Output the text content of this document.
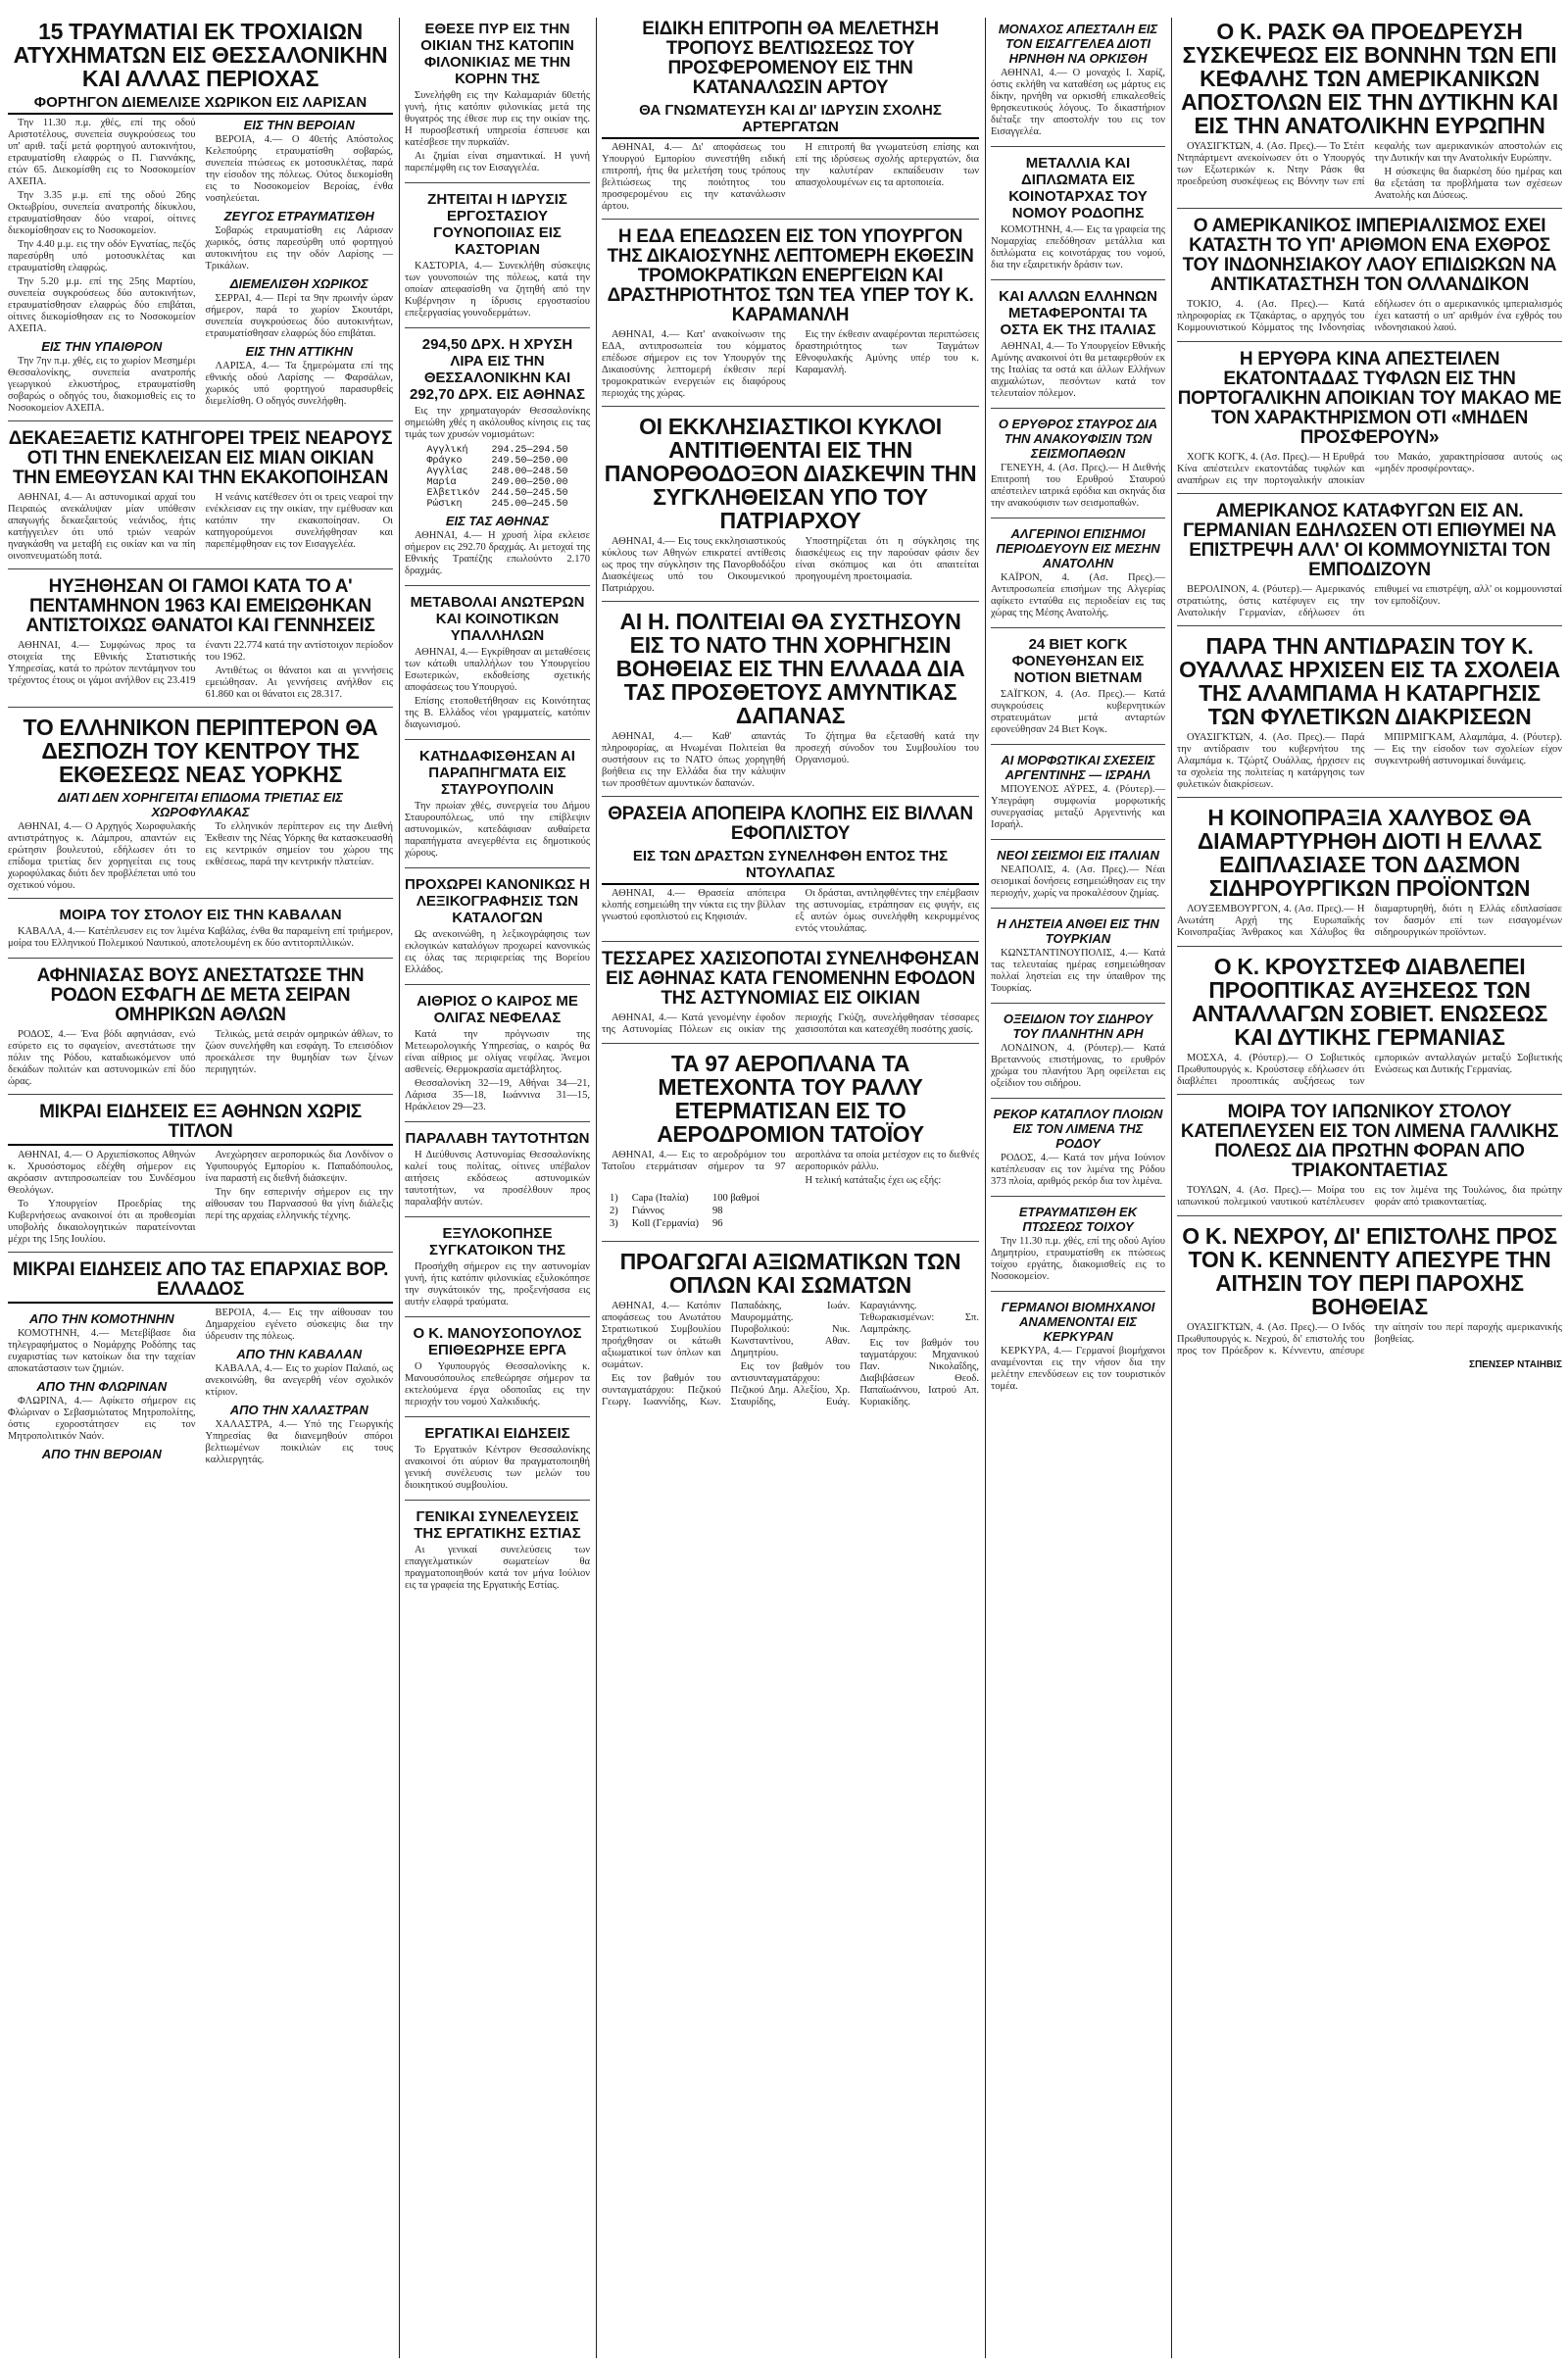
15 ΤΡΑΥΜΑΤΙΑΙ ΕΚ ΤΡΟΧΙΑΙΩΝ ΑΤΥΧΗΜΑΤΩΝ ΕΙΣ ΘΕΣΣΑΛΟΝΙΚΗΝ ΚΑΙ ΑΛΛΑΣ ΠΕΡΙΟΧΑΣ
ΦΟΡΤΗΓΟΝ ΔΙΕΜΕΛΙΣΕ ΧΩΡΙΚΟΝ ΕΙΣ ΛΑΡΙΣΑΝ

Την 11.30 π.μ. χθές, επί της οδού Αριστοτέλους, συνεπεία συγκρούσεως του υπ' αριθ. ταξί μετά φορτηγού αυτοκινήτου, ετραυματίσθη ελαφρώς ο Π. Γιαννάκης, ετών 65. Διεκομίσθη εις το Νοσοκομείον ΑΧΕΠΑ.

Την 3.35 μ.μ. επί της οδού 26ης Οκτωβρίου, συνεπεία ανατροπής δίκυκλου, ετραυματίσθησαν δύο νεαροί, οίτινες διεκομίσθησαν εις το Νοσοκομείον.

Την 4.40 μ.μ. εις την οδόν Εγνατίας, πεζός παρεσύρθη υπό μοτοσυκλέτας και ετραυματίσθη ελαφρώς.

Την 5.20 μ.μ. επί της 25ης Μαρτίου, συνεπεία συγκρούσεως δύο αυτοκινήτων, ετραυματίσθησαν ελαφρώς δύο επιβάται, οίτινες διεκομίσθησαν εις το Νοσοκομείον ΑΧΕΠΑ.

ΕΙΣ ΤΗΝ ΥΠΑΙΘΡΟΝ

Την 7ην π.μ. χθές, εις το χωρίον Μεσημέρι Θεσσαλονίκης, συνεπεία ανατροπής γεωργικού ελκυστήρος, ετραυματίσθη σοβαρώς ο οδηγός του, διακομισθείς εις το Νοσοκομείον ΑΧΕΠΑ.

ΕΙΣ ΤΗΝ ΒΕΡΟΙΑΝ

ΒΕΡΟΙΑ, 4.— Ο 40ετής Απόστολος Κελεπούρης ετραυματίσθη σοβαρώς, συνεπεία πτώσεως εκ μοτοσυκλέτας, παρά την είσοδον της πόλεως. Ούτος διεκομίσθη εις το Νοσοκομείον Βεροίας, ένθα νοσηλεύεται.

ΖΕΥΓΟΣ ΕΤΡΑΥΜΑΤΙΣΘΗ

Σοβαρώς ετραυματίσθη εις Λάρισαν χωρικός, όστις παρεσύρθη υπό φορτηγού αυτοκινήτου εις την οδόν Λαρίσης — Τρικάλων.

ΔΙΕΜΕΛΙΣΘΗ ΧΩΡΙΚΟΣ

ΣΕΡΡΑΙ, 4.— Περί τα 9ην πρωινήν ώραν σήμερον, παρά το χωρίον Σκουτάρι, συνεπεία συγκρούσεως δύο αυτοκινήτων, ετραυματίσθησαν ελαφρώς δύο επιβάται.

ΕΙΣ ΤΗΝ ΑΤΤΙΚΗΝ

ΛΑΡΙΣΑ, 4.— Τα ξημερώματα επί της εθνικής οδού Λαρίσης — Φαρσάλων, χωρικός υπό φορτηγού παρασυρθείς διεμελίσθη. Ο οδηγός συνελήφθη.

ΔΕΚΑΕΞΑΕΤΙΣ ΚΑΤΗΓΟΡΕΙ ΤΡΕΙΣ ΝΕΑΡΟΥΣ ΟΤΙ ΤΗΝ ΕΝΕΚΛΕΙΣΑΝ ΕΙΣ ΜΙΑΝ ΟΙΚΙΑΝ ΤΗΝ ΕΜΕΘΥΣΑΝ ΚΑΙ ΤΗΝ ΕΚΑΚΟΠΟΙΗΣΑΝ

ΑΘΗΝΑΙ, 4.— Αι αστυνομικαί αρχαί του Πειραιώς ανεκάλυψαν μίαν υπόθεσιν απαγωγής δεκαεξαετούς νεάνιδος, ήτις κατήγγειλεν ότι υπό τριών νεαρών ηναγκάσθη να μεταβή εις οικίαν και να πίη οινοπνευματώδη ποτά.

Η νεάνις κατέθεσεν ότι οι τρεις νεαροί την ενέκλεισαν εις την οικίαν, την εμέθυσαν και κατόπιν την εκακοποίησαν. Οι κατηγορούμενοι συνελήφθησαν και παρεπέμφθησαν εις τον Εισαγγελέα.

ΗΥΞΗΘΗΣΑΝ ΟΙ ΓΑΜΟΙ ΚΑΤΑ ΤΟ Α' ΠΕΝΤΑΜΗΝΟΝ 1963 ΚΑΙ ΕΜΕΙΩΘΗΚΑΝ ΑΝΤΙΣΤΟΙΧΩΣ ΘΑΝΑΤΟΙ ΚΑΙ ΓΕΝΝΗΣΕΙΣ

ΑΘΗΝΑΙ, 4.— Συμφώνως προς τα στοιχεία της Εθνικής Στατιστικής Υπηρεσίας, κατά το πρώτον πεντάμηνον του τρέχοντος έτους οι γάμοι ανήλθον εις 23.419 έναντι 22.774 κατά την αντίστοιχον περίοδον του 1962.

Αντιθέτως οι θάνατοι και αι γεννήσεις εμειώθησαν. Αι γεννήσεις ανήλθον εις 61.860 και οι θάνατοι εις 28.317.

ΤΟ ΕΛΛΗΝΙΚΟΝ ΠΕΡΙΠΤΕΡΟΝ ΘΑ ΔΕΣΠΟΖΗ ΤΟΥ ΚΕΝΤΡΟΥ ΤΗΣ ΕΚΘΕΣΕΩΣ ΝΕΑΣ ΥΟΡΚΗΣ
ΔΙΑΤΙ ΔΕΝ ΧΟΡΗΓΕΙΤΑΙ ΕΠΙΔΟΜΑ ΤΡΙΕΤΙΑΣ ΕΙΣ ΧΩΡΟΦΥΛΑΚΑΣ

ΑΘΗΝΑΙ, 4.— Ο Αρχηγός Χωροφυλακής αντιστράτηγος κ. Λάμπρου, απαντών εις ερώτησιν βουλευτού, εδήλωσεν ότι το επίδομα τριετίας δεν χορηγείται εις τους χωροφύλακας διότι δεν προβλέπεται υπό του σχετικού νόμου.

Το ελληνικόν περίπτερον εις την Διεθνή Έκθεσιν της Νέας Υόρκης θα κατασκευασθή εις κεντρικόν σημείον του χώρου της εκθέσεως, παρά την κεντρικήν πλατείαν.

ΜΟΙΡΑ ΤΟΥ ΣΤΟΛΟΥ ΕΙΣ ΤΗΝ ΚΑΒΑΛΑΝ

ΚΑΒΑΛΑ, 4.— Κατέπλευσεν εις τον λιμένα Καβάλας, ένθα θα παραμείνη επί τριήμερον, μοίρα του Ελληνικού Πολεμικού Ναυτικού, αποτελουμένη εκ δύο αντιτορπιλλικών.

ΑΦΗΝΙΑΣΑΣ ΒΟΥΣ ΑΝΕΣΤΑΤΩΣΕ ΤΗΝ ΡΟΔΟΝ ΕΣΦΑΓΗ ΔΕ ΜΕΤΑ ΣΕΙΡΑΝ ΟΜΗΡΙΚΩΝ ΑΘΛΩΝ

ΡΟΔΟΣ, 4.— Ένα βόδι αφηνιάσαν, ενώ εσύρετο εις το σφαγείον, ανεστάτωσε την πόλιν της Ρόδου, καταδιωκόμενον υπό δεκάδων πολιτών και αστυνομικών επί δύο ώρας.

Τελικώς, μετά σειράν ομηρικών άθλων, το ζώον συνελήφθη και εσφάγη. Το επεισόδιον προεκάλεσε την θυμηδίαν των ξένων περιηγητών.

ΜΙΚΡΑΙ ΕΙΔΗΣΕΙΣ ΕΞ ΑΘΗΝΩΝ ΧΩΡΙΣ ΤΙΤΛΟΝ

ΑΘΗΝΑΙ, 4.— Ο Αρχιεπίσκοπος Αθηνών κ. Χρυσόστομος εδέχθη σήμερον εις ακρόασιν αντιπροσωπείαν του Συνδέσμου Θεολόγων.

Το Υπουργείον Προεδρίας της Κυβερνήσεως ανακοινοί ότι αι προθεσμίαι υποβολής δικαιολογητικών παρατείνονται μέχρι της 15ης Ιουλίου.

Ανεχώρησεν αεροπορικώς δια Λονδίνον ο Υφυπουργός Εμπορίου κ. Παπαδόπουλος, ίνα παραστή εις διεθνή διάσκεψιν.

Την 6ην εσπερινήν σήμερον εις την αίθουσαν του Παρνασσού θα γίνη διάλεξις περί της αρχαίας ελληνικής τέχνης.

ΜΙΚΡΑΙ ΕΙΔΗΣΕΙΣ ΑΠΟ ΤΑΣ ΕΠΑΡΧΙΑΣ ΒΟΡ. ΕΛΛΑΔΟΣ
ΑΠΟ ΤΗΝ ΚΟΜΟΤΗΝΗΝ

ΚΟΜΟΤΗΝΗ, 4.— Μετεβίβασε δια τηλεγραφήματος ο Νομάρχης Ροδόπης τας ευχαριστίας των κατοίκων δια την ταχείαν αποκατάστασιν των ζημιών.

ΑΠΟ ΤΗΝ ΦΛΩΡΙΝΑΝ

ΦΛΩΡΙΝΑ, 4.— Αφίκετο σήμερον εις Φλώριναν ο Σεβασμιώτατος Μητροπολίτης, όστις εχοροστάτησεν εις τον Μητροπολιτικόν Ναόν.

ΑΠΟ ΤΗΝ ΒΕΡΟΙΑΝ

ΒΕΡΟΙΑ, 4.— Εις την αίθουσαν του Δημαρχείου εγένετο σύσκεψις δια την ύδρευσιν της πόλεως.

ΑΠΟ ΤΗΝ ΚΑΒΑΛΑΝ

ΚΑΒΑΛΑ, 4.— Εις το χωρίον Παλαιό, ως ανεκοινώθη, θα ανεγερθή νέον σχολικόν κτίριον.

ΑΠΟ ΤΗΝ ΧΑΛΑΣΤΡΑΝ

ΧΑΛΑΣΤΡΑ, 4.— Υπό της Γεωργικής Υπηρεσίας θα διανεμηθούν σπόροι βελτιωμένων ποικιλιών εις τους καλλιεργητάς.

ΕΘΕΣΕ ΠΥΡ ΕΙΣ ΤΗΝ ΟΙΚΙΑΝ ΤΗΣ ΚΑΤΟΠΙΝ ΦΙΛΟΝΙΚΙΑΣ ΜΕ ΤΗΝ ΚΟΡΗΝ ΤΗΣ

Συνελήφθη εις την Καλαμαριάν 60ετής γυνή, ήτις κατόπιν φιλονικίας μετά της θυγατρός της έθεσε πυρ εις την οικίαν της. Η πυροσβεστική υπηρεσία έσπευσε και κατέσβεσε την πυρκαϊάν.

Αι ζημίαι είναι σημαντικαί. Η γυνή παρεπέμφθη εις τον Εισαγγελέα.

ΖΗΤΕΙΤΑΙ Η ΙΔΡΥΣΙΣ ΕΡΓΟΣΤΑΣΙΟΥ ΓΟΥΝΟΠΟΙΙΑΣ ΕΙΣ ΚΑΣΤΟΡΙΑΝ

ΚΑΣΤΟΡΙΑ, 4.— Συνεκλήθη σύσκεψις των γουνοποιών της πόλεως, κατά την οποίαν απεφασίσθη να ζητηθή από την Κυβέρνησιν η ίδρυσις εργοστασίου επεξεργασίας γουνοδερμάτων.

294,50 ΔΡΧ. Η ΧΡΥΣΗ ΛΙΡΑ ΕΙΣ ΤΗΝ ΘΕΣΣΑΛΟΝΙΚΗΝ ΚΑΙ 292,70 ΔΡΧ. ΕΙΣ ΑΘΗΝΑΣ

Εις την χρηματαγοράν Θεσσαλονίκης σημειώθη χθές η ακόλουθος κίνησις εις τας τιμάς των χρυσών νομισμάτων:

Αγγλική	294.25—294.50
Φράγκο	249.50—250.00
Αγγλίας	248.00—248.50
Μαρία	249.00—250.00
Ελβετικόν	244.50—245.50
Ρώσικη	245.00—245.50
ΕΙΣ ΤΑΣ ΑΘΗΝΑΣ

ΑΘΗΝΑΙ, 4.— Η χρυσή λίρα εκλεισε σήμερον εις 292.70 δραχμάς. Αι μετοχαί της Εθνικής Τραπέζης επωλούντο 2.170 δραχμάς.

ΜΕΤΑΒΟΛΑΙ ΑΝΩΤΕΡΩΝ ΚΑΙ ΚΟΙΝΟΤΙΚΩΝ ΥΠΑΛΛΗΛΩΝ

ΑΘΗΝΑΙ, 4.— Εγκρίθησαν αι μεταθέσεις των κάτωθι υπαλλήλων του Υπουργείου Εσωτερικών, εκδοθείσης σχετικής αποφάσεως του Υπουργού.

Επίσης ετοποθετήθησαν εις Κοινότητας της Β. Ελλάδος νέοι γραμματείς, κατόπιν διαγωνισμού.

ΚΑΤΗΔΑΦΙΣΘΗΣΑΝ ΑΙ ΠΑΡΑΠΗΓΜΑΤΑ ΕΙΣ ΣΤΑΥΡΟΥΠΟΛΙΝ

Την πρωίαν χθές, συνεργεία του Δήμου Σταυρουπόλεως, υπό την επίβλεψιν αστυνομικών, κατεδάφισαν αυθαίρετα παραπήγματα ανεγερθέντα εις δημοτικούς χώρους.

ΠΡΟΧΩΡΕΙ ΚΑΝΟΝΙΚΩΣ Η ΛΕΞΙΚΟΓΡΑΦΗΣΙΣ ΤΩΝ ΚΑΤΑΛΟΓΩΝ

Ως ανεκοινώθη, η λεξικογράφησις των εκλογικών καταλόγων προχωρεί κανονικώς εις όλας τας περιφερείας της Βορείου Ελλάδος.

ΑΙΘΡΙΟΣ Ο ΚΑΙΡΟΣ ΜΕ ΟΛΙΓΑΣ ΝΕΦΕΛΑΣ

Κατά την πρόγνωσιν της Μετεωρολογικής Υπηρεσίας, ο καιρός θα είναι αίθριος με ολίγας νεφέλας. Άνεμοι ασθενείς. Θερμοκρασία αμετάβλητος.

Θεσσαλονίκη 32—19, Αθήναι 34—21, Λάρισα 35—18, Ιωάννινα 31—15, Ηράκλειον 29—23.

ΠΑΡΑΛΑΒΗ ΤΑΥΤΟΤΗΤΩΝ

Η Διεύθυνσις Αστυνομίας Θεσσαλονίκης καλεί τους πολίτας, οίτινες υπέβαλον αιτήσεις εκδόσεως αστυνομικών ταυτοτήτων, να προσέλθουν προς παραλαβήν αυτών.

ΕΞΥΛΟΚΟΠΗΣΕ ΣΥΓΚΑΤΟΙΚΟΝ ΤΗΣ

Προσήχθη σήμερον εις την αστυνομίαν γυνή, ήτις κατόπιν φιλονικίας εξυλοκόπησε την συγκάτοικόν της, προξενήσασα εις αυτήν ελαφρά τραύματα.

Ο Κ. ΜΑΝΟΥΣΟΠΟΥΛΟΣ ΕΠΙΘΕΩΡΗΣΕ ΕΡΓΑ

Ο Υφυπουργός Θεσσαλονίκης κ. Μανουσόπουλος επεθεώρησε σήμερον τα εκτελούμενα έργα οδοποιΐας εις την περιοχήν του νομού Χαλκιδικής.

ΕΡΓΑΤΙΚΑΙ ΕΙΔΗΣΕΙΣ

Το Εργατικόν Κέντρον Θεσσαλονίκης ανακοινοί ότι αύριον θα πραγματοποιηθή γενική συνέλευσις των μελών του διοικητικού συμβουλίου.

ΓΕΝΙΚΑΙ ΣΥΝΕΛΕΥΣΕΙΣ ΤΗΣ ΕΡΓΑΤΙΚΗΣ ΕΣΤΙΑΣ

Αι γενικαί συνελεύσεις των επαγγελματικών σωματείων θα πραγματοποιηθούν κατά τον μήνα Ιούλιον εις τα γραφεία της Εργατικής Εστίας.

ΕΙΔΙΚΗ ΕΠΙΤΡΟΠΗ ΘΑ ΜΕΛΕΤΗΣΗ ΤΡΟΠΟΥΣ ΒΕΛΤΙΩΣΕΩΣ ΤΟΥ ΠΡΟΣΦΕΡΟΜΕΝΟΥ ΕΙΣ ΤΗΝ ΚΑΤΑΝΑΛΩΣΙΝ ΑΡΤΟΥ
ΘΑ ΓΝΩΜΑΤΕΥΣΗ ΚΑΙ ΔΙ' ΙΔΡΥΣΙΝ ΣΧΟΛΗΣ ΑΡΤΕΡΓΑΤΩΝ

ΑΘΗΝΑΙ, 4.— Δι' αποφάσεως του Υπουργού Εμπορίου συνεστήθη ειδική επιτροπή, ήτις θα μελετήση τους τρόπους βελτιώσεως της ποιότητος του προσφερομένου εις την κατανάλωσιν άρτου.

Η επιτροπή θα γνωματεύση επίσης και επί της ιδρύσεως σχολής αρτεργατών, δια την καλυτέραν εκπαίδευσιν των απασχολουμένων εις τα αρτοποιεία.

Η ΕΔΑ ΕΠΕΔΩΣΕΝ ΕΙΣ ΤΟΝ ΥΠΟΥΡΓΟΝ ΤΗΣ ΔΙΚΑΙΟΣΥΝΗΣ ΛΕΠΤΟΜΕΡΗ ΕΚΘΕΣΙΝ ΤΡΟΜΟΚΡΑΤΙΚΩΝ ΕΝΕΡΓΕΙΩΝ ΚΑΙ ΔΡΑΣΤΗΡΙΟΤΗΤΟΣ ΤΩΝ ΤΕΑ ΥΠΕΡ ΤΟΥ Κ. ΚΑΡΑΜΑΝΛΗ

ΑΘΗΝΑΙ, 4.— Κατ' ανακοίνωσιν της ΕΔΑ, αντιπροσωπεία του κόμματος επέδωσε σήμερον εις τον Υπουργόν της Δικαιοσύνης λεπτομερή έκθεσιν περί τρομοκρατικών ενεργειών εις διαφόρους περιοχάς της χώρας.

Εις την έκθεσιν αναφέρονται περιπτώσεις δραστηριότητος των Ταγμάτων Εθνοφυλακής Αμύνης υπέρ του κ. Καραμανλή.

ΟΙ ΕΚΚΛΗΣΙΑΣΤΙΚΟΙ ΚΥΚΛΟΙ ΑΝΤΙΤΙΘΕΝΤΑΙ ΕΙΣ ΤΗΝ ΠΑΝΟΡΘΟΔΟΞΟΝ ΔΙΑΣΚΕΨΙΝ ΤΗΝ ΣΥΓΚΛΗΘΕΙΣΑΝ ΥΠΟ ΤΟΥ ΠΑΤΡΙΑΡΧΟΥ

ΑΘΗΝΑΙ, 4.— Εις τους εκκλησιαστικούς κύκλους των Αθηνών επικρατεί αντίθεσις ως προς την σύγκλησιν της Πανορθοδόξου Διασκέψεως υπό του Οικουμενικού Πατριάρχου.

Υποστηρίζεται ότι η σύγκλησις της διασκέψεως εις την παρούσαν φάσιν δεν είναι σκόπιμος και ότι απαιτείται προηγουμένη προετοιμασία.

ΑΙ Η. ΠΟΛΙΤΕΙΑΙ ΘΑ ΣΥΣΤΗΣΟΥΝ ΕΙΣ ΤΟ ΝΑΤΟ ΤΗΝ ΧΟΡΗΓΗΣΙΝ ΒΟΗΘΕΙΑΣ ΕΙΣ ΤΗΝ ΕΛΛΑΔΑ ΔΙΑ ΤΑΣ ΠΡΟΣΘΕΤΟΥΣ ΑΜΥΝΤΙΚΑΣ ΔΑΠΑΝΑΣ

ΑΘΗΝΑΙ, 4.— Καθ' απαντάς πληροφορίας, αι Ηνωμέναι Πολιτείαι θα συστήσουν εις το ΝΑΤΟ όπως χορηγηθή βοήθεια εις την Ελλάδα δια την κάλυψιν των προσθέτων αμυντικών δαπανών.

Το ζήτημα θα εξετασθή κατά την προσεχή σύνοδον του Συμβουλίου του Οργανισμού.

ΘΡΑΣΕΙΑ ΑΠΟΠΕΙΡΑ ΚΛΟΠΗΣ ΕΙΣ ΒΙΛΛΑΝ ΕΦΟΠΛΙΣΤΟΥ
ΕΙΣ ΤΩΝ ΔΡΑΣΤΩΝ ΣΥΝΕΛΗΦΘΗ ΕΝΤΟΣ ΤΗΣ ΝΤΟΥΛΑΠΑΣ

ΑΘΗΝΑΙ, 4.— Θρασεία απόπειρα κλοπής εσημειώθη την νύκτα εις την βίλλαν γνωστού εφοπλιστού εις Κηφισιάν.

Οι δράσται, αντιληφθέντες την επέμβασιν της αστυνομίας, ετράπησαν εις φυγήν, εις εξ αυτών όμως συνελήφθη κεκρυμμένος εντός ντουλάπας.

ΤΕΣΣΑΡΕΣ ΧΑΣΙΣΟΠΟΤΑΙ ΣΥΝΕΛΗΦΘΗΣΑΝ ΕΙΣ ΑΘΗΝΑΣ ΚΑΤΑ ΓΕΝΟΜΕΝΗΝ ΕΦΟΔΟΝ ΤΗΣ ΑΣΤΥΝΟΜΙΑΣ ΕΙΣ ΟΙΚΙΑΝ

ΑΘΗΝΑΙ, 4.— Κατά γενομένην έφοδον της Αστυνομίας Πόλεων εις οικίαν της περιοχής Γκύζη, συνελήφθησαν τέσσαρες χασισοπόται και κατεσχέθη ποσότης χασίς.

ΤΑ 97 ΑΕΡΟΠΛΑΝΑ ΤΑ ΜΕΤΕΧΟΝΤΑ ΤΟΥ ΡΑΛΛΥ ΕΤΕΡΜΑΤΙΣΑΝ ΕΙΣ ΤΟ ΑΕΡΟΔΡΟΜΙΟΝ ΤΑΤΟΪΟΥ

ΑΘΗΝΑΙ, 4.— Εις το αεροδρόμιον του Τατοΐου ετερμάτισαν σήμερον τα 97 αεροπλάνα τα οποία μετέσχον εις το διεθνές αεροπορικόν ράλλυ.

Η τελική κατάταξις έχει ως εξής:

1)	Capa (Ιταλία)	100 βαθμοί
2)	Γιάννος	98
3)	Koll (Γερμανία)	96
ΠΡΟΑΓΩΓΑΙ ΑΞΙΩΜΑΤΙΚΩΝ ΤΩΝ ΟΠΛΩΝ ΚΑΙ ΣΩΜΑΤΩΝ

ΑΘΗΝΑΙ, 4.— Κατόπιν αποφάσεως του Ανωτάτου Στρατιωτικού Συμβουλίου προήχθησαν οι κάτωθι αξιωματικοί των όπλων και σωμάτων.

Εις τον βαθμόν του συνταγματάρχου: Πεζικού Γεωργ. Ιωαννίδης, Κων. Παπαδάκης, Ιωάν. Μαυρομμάτης. Πυροβολικού: Νικ. Κωνσταντίνου, Αθαν. Δημητρίου.

Εις τον βαθμόν του αντισυνταγματάρχου: Πεζικού Δημ. Αλεξίου, Χρ. Σταυρίδης, Ευάγ. Καραγιάννης. Τεθωρακισμένων: Σπ. Λαμπράκης.

Εις τον βαθμόν του ταγματάρχου: Μηχανικού Παν. Νικολαΐδης, Διαβιβάσεων Θεοδ. Παπαϊωάννου, Ιατρού Απ. Κυριακίδης.

ΜΟΝΑΧΟΣ ΑΠΕΣΤΑΛΗ ΕΙΣ ΤΟΝ ΕΙΣΑΓΓΕΛΕΑ ΔΙΟΤΙ ΗΡΝΗΘΗ ΝΑ ΟΡΚΙΣΘΗ

ΑΘΗΝΑΙ, 4.— Ο μοναχός Ι. Χαρίζ, όστις εκλήθη να καταθέση ως μάρτυς εις δίκην, ηρνήθη να ορκισθή επικαλεσθείς θρησκευτικούς λόγους. Το δικαστήριον διέταξε την αποστολήν του εις τον Εισαγγελέα.

ΜΕΤΑΛΛΙΑ ΚΑΙ ΔΙΠΛΩΜΑΤΑ ΕΙΣ ΚΟΙΝΟΤΑΡΧΑΣ ΤΟΥ ΝΟΜΟΥ ΡΟΔΟΠΗΣ

ΚΟΜΟΤΗΝΗ, 4.— Εις τα γραφεία της Νομαρχίας επεδόθησαν μετάλλια και διπλώματα εις κοινοτάρχας του νομού, δια την εξαιρετικήν δράσιν των.

ΚΑΙ ΑΛΛΩΝ ΕΛΛΗΝΩΝ ΜΕΤΑΦΕΡΟΝΤΑΙ ΤΑ ΟΣΤΑ ΕΚ ΤΗΣ ΙΤΑΛΙΑΣ

ΑΘΗΝΑΙ, 4.— Το Υπουργείον Εθνικής Αμύνης ανακοινοί ότι θα μεταφερθούν εκ της Ιταλίας τα οστά και άλλων Ελλήνων αιχμαλώτων, πεσόντων κατά τον τελευταίον πόλεμον.

Ο ΕΡΥΘΡΟΣ ΣΤΑΥΡΟΣ ΔΙΑ ΤΗΝ ΑΝΑΚΟΥΦΙΣΙΝ ΤΩΝ ΣΕΙΣΜΟΠΑΘΩΝ

ΓΕΝΕΥΗ, 4. (Ασ. Πρες).— Η Διεθνής Επιτροπή του Ερυθρού Σταυρού απέστειλεν ιατρικά εφόδια και σκηνάς δια την ανακούφισιν των σεισμοπαθών.

ΑΛΓΕΡΙΝΟΙ ΕΠΙΣΗΜΟΙ ΠΕΡΙΟΔΕΥΟΥΝ ΕΙΣ ΜΕΣΗΝ ΑΝΑΤΟΛΗΝ

ΚΑΪΡΟΝ, 4. (Ασ. Πρες).— Αντιπροσωπεία επισήμων της Αλγερίας αφίκετο ενταύθα εις περιοδείαν εις τας χώρας της Μέσης Ανατολής.

24 ΒΙΕΤ ΚΟΓΚ ΦΟΝΕΥΘΗΣΑΝ ΕΙΣ ΝΟΤΙΟΝ ΒΙΕΤΝΑΜ

ΣΑΪΓΚΟΝ, 4. (Ασ. Πρες).— Κατά συγκρούσεις κυβερνητικών στρατευμάτων μετά ανταρτών εφονεύθησαν 24 Βιετ Κογκ.

ΑΙ ΜΟΡΦΩΤΙΚΑΙ ΣΧΕΣΕΙΣ ΑΡΓΕΝΤΙΝΗΣ — ΙΣΡΑΗΛ

ΜΠΟΥΕΝΟΣ ΑΫΡΕΣ, 4. (Ρόυτερ).— Υπεγράφη συμφωνία μορφωτικής συνεργασίας μεταξύ Αργεντινής και Ισραήλ.

ΝΕΟΙ ΣΕΙΣΜΟΙ ΕΙΣ ΙΤΑΛΙΑΝ

ΝΕΑΠΟΛΙΣ, 4. (Ασ. Πρες).— Νέαι σεισμικαί δονήσεις εσημειώθησαν εις την περιοχήν, χωρίς να προκαλέσουν ζημίας.

Η ΛΗΣΤΕΙΑ ΑΝΘΕΙ ΕΙΣ ΤΗΝ ΤΟΥΡΚΙΑΝ

ΚΩΝΣΤΑΝΤΙΝΟΥΠΟΛΙΣ, 4.— Κατά τας τελευταίας ημέρας εσημειώθησαν πολλαί ληστείαι εις την ύπαιθρον της Τουρκίας.

ΟΞΕΙΔΙΟΝ ΤΟΥ ΣΙΔΗΡΟΥ ΤΟΥ ΠΛΑΝΗΤΗΝ ΑΡΗ

ΛΟΝΔΙΝΟΝ, 4. (Ρόυτερ).— Κατά Βρεταννούς επιστήμονας, το ερυθρόν χρώμα του πλανήτου Άρη οφείλεται εις οξείδιον του σιδήρου.

ΡΕΚΟΡ ΚΑΤΑΠΛΟΥ ΠΛΟΙΩΝ ΕΙΣ ΤΟΝ ΛΙΜΕΝΑ ΤΗΣ ΡΟΔΟΥ

ΡΟΔΟΣ, 4.— Κατά τον μήνα Ιούνιον κατέπλευσαν εις τον λιμένα της Ρόδου 373 πλοία, αριθμός ρεκόρ δια τον λιμένα.

ΕΤΡΑΥΜΑΤΙΣΘΗ ΕΚ ΠΤΩΣΕΩΣ ΤΟΙΧΟΥ

Την 11.30 π.μ. χθές, επί της οδού Αγίου Δημητρίου, ετραυματίσθη εκ πτώσεως τοίχου εργάτης, διακομισθείς εις το Νοσοκομείον.

ΓΕΡΜΑΝΟΙ ΒΙΟΜΗΧΑΝΟΙ ΑΝΑΜΕΝΟΝΤΑΙ ΕΙΣ ΚΕΡΚΥΡΑΝ

ΚΕΡΚΥΡΑ, 4.— Γερμανοί βιομήχανοι αναμένονται εις την νήσον δια την μελέτην επενδύσεων εις τον τουριστικόν τομέα.

Ο Κ. ΡΑΣΚ ΘΑ ΠΡΟΕΔΡΕΥΣΗ ΣΥΣΚΕΨΕΩΣ ΕΙΣ ΒΟΝΝΗΝ ΤΩΝ ΕΠΙ ΚΕΦΑΛΗΣ ΤΩΝ ΑΜΕΡΙΚΑΝΙΚΩΝ ΑΠΟΣΤΟΛΩΝ ΕΙΣ ΤΗΝ ΔΥΤΙΚΗΝ ΚΑΙ ΕΙΣ ΤΗΝ ΑΝΑΤΟΛΙΚΗΝ ΕΥΡΩΠΗΝ

ΟΥΑΣΙΓΚΤΩΝ, 4. (Ασ. Πρες).— Το Στέιτ Ντηπάρτμεντ ανεκοίνωσεν ότι ο Υπουργός των Εξωτερικών κ. Ντην Ράσκ θα προεδρεύση συσκέψεως εις Βόννην των επί κεφαλής των αμερικανικών αποστολών εις την Δυτικήν και την Ανατολικήν Ευρώπην.

Η σύσκεψις θα διαρκέση δύο ημέρας και θα εξετάση τα προβλήματα των σχέσεων Ανατολής και Δύσεως.

Ο ΑΜΕΡΙΚΑΝΙΚΟΣ ΙΜΠΕΡΙΑΛΙΣΜΟΣ ΕΧΕΙ ΚΑΤΑΣΤΗ ΤΟ ΥΠ' ΑΡΙΘΜΟΝ ΕΝΑ ΕΧΘΡΟΣ ΤΟΥ ΙΝΔΟΝΗΣΙΑΚΟΥ ΛΑΟΥ ΕΠΙΔΙΩΚΩΝ ΝΑ ΑΝΤΙΚΑΤΑΣΤΗΣΗ ΤΟΝ ΟΛΛΑΝΔΙΚΟΝ

ΤΟΚΙΟ, 4. (Ασ. Πρες).— Κατά πληροφορίας εκ Τζακάρτας, ο αρχηγός του Κομμουνιστικού Κόμματος της Ινδονησίας εδήλωσεν ότι ο αμερικανικός ιμπεριαλισμός έχει καταστή ο υπ' αριθμόν ένα εχθρός του ινδονησιακού λαού.

Η ΕΡΥΘΡΑ ΚΙΝΑ ΑΠΕΣΤΕΙΛΕΝ ΕΚΑΤΟΝΤΑΔΑΣ ΤΥΦΛΩΝ ΕΙΣ ΤΗΝ ΠΟΡΤΟΓΑΛΙΚΗΝ ΑΠΟΙΚΙΑΝ ΤΟΥ ΜΑΚΑΟ ΜΕ ΤΟΝ ΧΑΡΑΚΤΗΡΙΣΜΟΝ ΟΤΙ «ΜΗΔΕΝ ΠΡΟΣΦΕΡΟΥΝ»

ΧΟΓΚ ΚΟΓΚ, 4. (Ασ. Πρες).— Η Ερυθρά Κίνα απέστειλεν εκατοντάδας τυφλών και αναπήρων εις την πορτογαλικήν αποικίαν του Μακάο, χαρακτηρίσασα αυτούς ως «μηδέν προσφέροντας».

ΑΜΕΡΙΚΑΝΟΣ ΚΑΤΑΦΥΓΩΝ ΕΙΣ ΑΝ. ΓΕΡΜΑΝΙΑΝ ΕΔΗΛΩΣΕΝ ΟΤΙ ΕΠΙΘΥΜΕΙ ΝΑ ΕΠΙΣΤΡΕΨΗ ΑΛΛ' ΟΙ ΚΟΜΜΟΥΝΙΣΤΑΙ ΤΟΝ ΕΜΠΟΔΙΖΟΥΝ

ΒΕΡΟΛΙΝΟΝ, 4. (Ρόυτερ).— Αμερικανός στρατιώτης, όστις κατέφυγεν εις την Ανατολικήν Γερμανίαν, εδήλωσεν ότι επιθυμεί να επιστρέψη, αλλ' οι κομμουνισταί τον εμποδίζουν.

ΠΑΡΑ ΤΗΝ ΑΝΤΙΔΡΑΣΙΝ ΤΟΥ Κ. ΟΥΑΛΛΑΣ ΗΡΧΙΣΕΝ ΕΙΣ ΤΑ ΣΧΟΛΕΙΑ ΤΗΣ ΑΛΑΜΠΑΜΑ Η ΚΑΤΑΡΓΗΣΙΣ ΤΩΝ ΦΥΛΕΤΙΚΩΝ ΔΙΑΚΡΙΣΕΩΝ

ΟΥΑΣΙΓΚΤΩΝ, 4. (Ασ. Πρες).— Παρά την αντίδρασιν του κυβερνήτου της Αλαμπάμα κ. Τζώρτζ Ουάλλας, ήρχισεν εις τα σχολεία της πολιτείας η κατάργησις των φυλετικών διακρίσεων.

ΜΠΙΡΜΙΓΚΑΜ, Αλαμπάμα, 4. (Ρόυτερ).— Εις την είσοδον των σχολείων είχον συγκεντρωθή αστυνομικαί δυνάμεις.

Η ΚΟΙΝΟΠΡΑΞΙΑ ΧΑΛΥΒΟΣ ΘΑ ΔΙΑΜΑΡΤΥΡΗΘΗ ΔΙΟΤΙ Η ΕΛΛΑΣ ΕΔΙΠΛΑΣΙΑΣΕ ΤΟΝ ΔΑΣΜΟΝ ΣΙΔΗΡΟΥΡΓΙΚΩΝ ΠΡΟΪΟΝΤΩΝ

ΛΟΥΞΕΜΒΟΥΡΓΟΝ, 4. (Ασ. Πρες).— Η Ανωτάτη Αρχή της Ευρωπαϊκής Κοινοπραξίας Άνθρακος και Χάλυβος θα διαμαρτυρηθή, διότι η Ελλάς εδιπλασίασε τον δασμόν επί των εισαγομένων σιδηρουργικών προϊόντων.

Ο Κ. ΚΡΟΥΣΤΣΕΦ ΔΙΑΒΛΕΠΕΙ ΠΡΟΟΠΤΙΚΑΣ ΑΥΞΗΣΕΩΣ ΤΩΝ ΑΝΤΑΛΛΑΓΩΝ ΣΟΒΙΕΤ. ΕΝΩΣΕΩΣ ΚΑΙ ΔΥΤΙΚΗΣ ΓΕΡΜΑΝΙΑΣ

ΜΟΣΧΑ, 4. (Ρόυτερ).— Ο Σοβιετικός Πρωθυπουργός κ. Κρούστσεφ εδήλωσεν ότι διαβλέπει προοπτικάς αυξήσεως των εμπορικών ανταλλαγών μεταξύ Σοβιετικής Ενώσεως και Δυτικής Γερμανίας.

ΜΟΙΡΑ ΤΟΥ ΙΑΠΩΝΙΚΟΥ ΣΤΟΛΟΥ ΚΑΤΕΠΛΕΥΣΕΝ ΕΙΣ ΤΟΝ ΛΙΜΕΝΑ ΓΑΛΛΙΚΗΣ ΠΟΛΕΩΣ ΔΙΑ ΠΡΩΤΗΝ ΦΟΡΑΝ ΑΠΟ ΤΡΙΑΚΟΝΤΑΕΤΙΑΣ

ΤΟΥΛΩΝ, 4. (Ασ. Πρες).— Μοίρα του ιαπωνικού πολεμικού ναυτικού κατέπλευσεν εις τον λιμένα της Τουλώνος, δια πρώτην φοράν από τριακονταετίας.

Ο Κ. ΝΕΧΡΟΥ, ΔΙ' ΕΠΙΣΤΟΛΗΣ ΠΡΟΣ ΤΟΝ Κ. ΚΕΝΝΕΝΤΥ ΑΠΕΣΥΡΕ ΤΗΝ ΑΙΤΗΣΙΝ ΤΟΥ ΠΕΡΙ ΠΑΡΟΧΗΣ ΒΟΗΘΕΙΑΣ

ΟΥΑΣΙΓΚΤΩΝ, 4. (Ασ. Πρες).— Ο Ινδός Πρωθυπουργός κ. Νεχρού, δι' επιστολής του προς τον Πρόεδρον κ. Κέννεντυ, απέσυρε την αίτησίν του περί παροχής αμερικανικής βοηθείας.

ΣΠΕΝΣΕΡ ΝΤΑΙΗΒΙΣ
